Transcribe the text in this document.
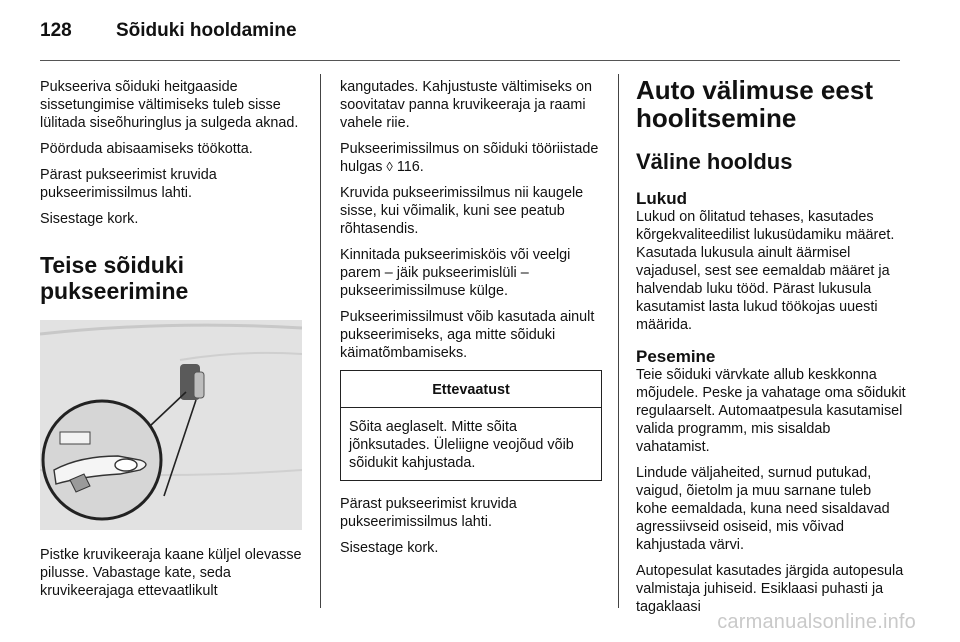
128	Sõiduki hooldamine

Pukseeriva sõiduki heitgaaside sissetungimise vältimiseks tuleb sisse lülitada siseõhuringlus ja sulgeda aknad.

Pöörduda abisaamiseks töökotta.

Pärast pukseerimist kruvida pukseerimissilmus lahti.

Sisestage kork.

Teise sõiduki pukseerimine

Pistke kruvikeeraja kaane küljel olevasse pilusse. Vabastage kate, seda kruvikeerajaga ettevaatlikult

kangutades. Kahjustuste vältimiseks on soovitatav panna kruvikeeraja ja raami vahele riie.

Pukseerimissilmus on sõiduki tööriistade hulgas ◊ 116.

Kruvida pukseerimissilmus nii kaugele sisse, kui võimalik, kuni see peatub rõhtasendis.

Kinnitada pukseerimisköis või veelgi parem – jäik pukseerimislüli – pukseerimissilmuse külge.

Pukseerimissilmust võib kasutada ainult pukseerimiseks, aga mitte sõiduki käimatõmbamiseks.

Ettevaatust
Sõita aeglaselt. Mitte sõita jõnksutades. Üleliigne veojõud võib sõidukit kahjustada.

Pärast pukseerimist kruvida pukseerimissilmus lahti.

Sisestage kork.

Auto välimuse eest hoolitsemine
Väline hooldus
Lukud

Lukud on õlitatud tehases, kasutades kõrgekvaliteedilist lukusüdamiku määret. Kasutada lukusula ainult äärmisel vajadusel, sest see eemaldab määret ja halvendab luku tööd. Pärast lukusula kasutamist lasta lukud töökojas uuesti määrida.

Pesemine

Teie sõiduki värvkate allub keskkonna mõjudele. Peske ja vahatage oma sõidukit regulaarselt. Automaatpesula kasutamisel valida programm, mis sisaldab vahatamist.

Lindude väljaheited, surnud putukad, vaigud, õietolm ja muu sarnane tuleb kohe eemaldada, kuna need sisaldavad agressiivseid osiseid, mis võivad kahjustada värvi.

Autopesulat kasutades järgida autopesula valmistaja juhiseid. Esiklaasi puhasti ja tagaklaasi

carmanualsonline.info
